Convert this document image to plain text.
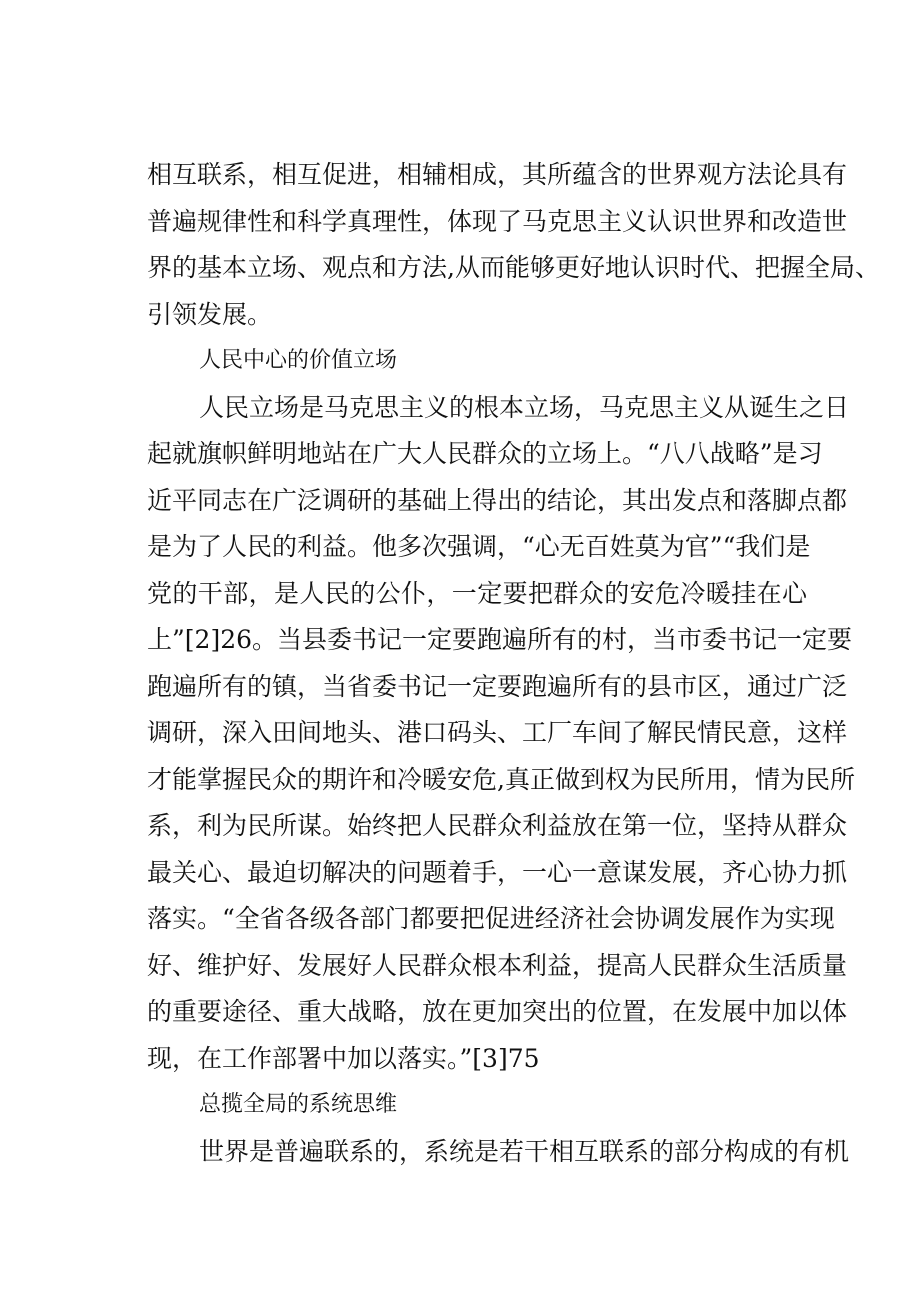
相互联系，相互促进，相辅相成，其所蕴含的世界观方法论具有
普遍规律性和科学真理性，体现了马克思主义认识世界和改造世
界的基本立场、观点和方法,从而能够更好地认识时代、把握全局、
引领发展。
人民中心的价值立场
人民立场是马克思主义的根本立场，马克思主义从诞生之日
起就旗帜鲜明地站在广大人民群众的立场上。“八八战略”是习
近平同志在广泛调研的基础上得出的结论，其出发点和落脚点都
是为了人民的利益。他多次强调，“心无百姓莫为官”“我们是
党的干部，是人民的公仆，一定要把群众的安危冷暖挂在心
上”[2]26。当县委书记一定要跑遍所有的村，当市委书记一定要
跑遍所有的镇，当省委书记一定要跑遍所有的县市区，通过广泛
调研，深入田间地头、港口码头、工厂车间了解民情民意，这样
才能掌握民众的期许和冷暖安危,真正做到权为民所用，情为民所
系，利为民所谋。始终把人民群众利益放在第一位，坚持从群众
最关心、最迫切解决的问题着手，一心一意谋发展，齐心协力抓
落实。“全省各级各部门都要把促进经济社会协调发展作为实现
好、维护好、发展好人民群众根本利益，提高人民群众生活质量
的重要途径、重大战略，放在更加突出的位置，在发展中加以体
现，在工作部署中加以落实。”[3]75
总揽全局的系统思维
世界是普遍联系的，系统是若干相互联系的部分构成的有机
